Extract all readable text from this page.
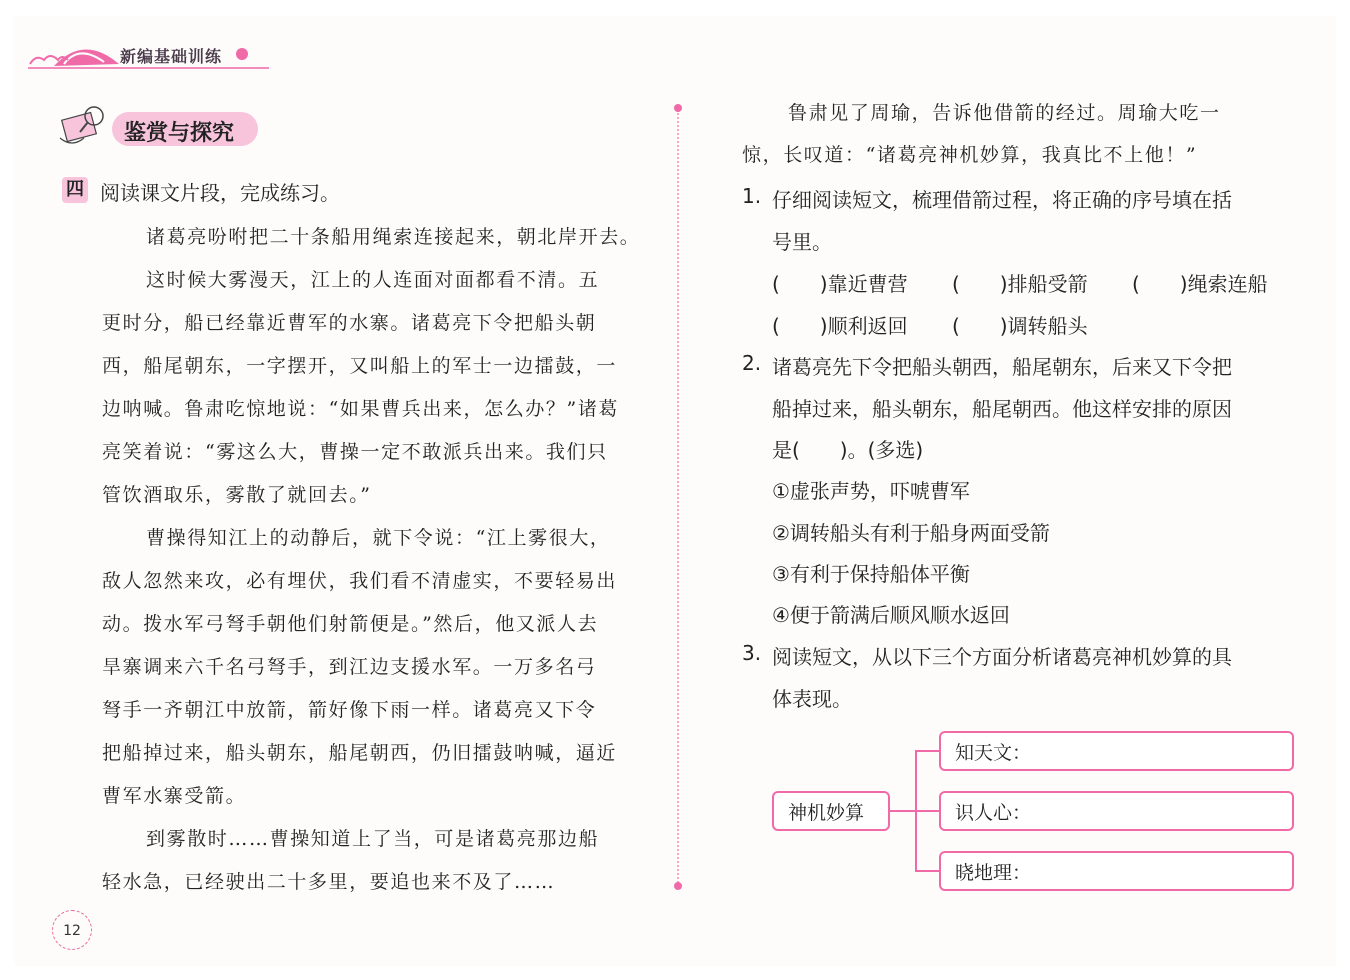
新编基础训练
鉴赏与探究
四 阅读课文片段，完成练习。
诸葛亮吩咐把二十条船用绳索连接起来，朝北岸开去。
这时候大雾漫天，江上的人连面对面都看不清。五
更时分，船已经靠近曹军的水寨。诸葛亮下令把船头朝
西，船尾朝东，一字摆开，又叫船上的军士一边擂鼓，一
边呐喊。鲁肃吃惊地说：“如果曹兵出来，怎么办？”诸葛
亮笑着说：“雾这么大，曹操一定不敢派兵出来。我们只
管饮酒取乐，雾散了就回去。”
曹操得知江上的动静后，就下令说：“江上雾很大，
敌人忽然来攻，必有埋伏，我们看不清虚实，不要轻易出
动。拨水军弓弩手朝他们射箭便是。”然后，他又派人去
旱寨调来六千名弓弩手，到江边支援水军。一万多名弓
弩手一齐朝江中放箭，箭好像下雨一样。诸葛亮又下令
把船掉过来，船头朝东，船尾朝西，仍旧擂鼓呐喊，逼近
曹军水寨受箭。
到雾散时……曹操知道上了当，可是诸葛亮那边船
轻水急，已经驶出二十多里，要追也来不及了……
鲁肃见了周瑜，告诉他借箭的经过。周瑜大吃一
惊，长叹道：“诸葛亮神机妙算，我真比不上他！”
1. 仔细阅读短文，梳理借箭过程，将正确的序号填在括
号里。
(　　)靠近曹营 (　　)排船受箭 (　　)绳索连船
(　　)顺利返回 (　　)调转船头
2. 诸葛亮先下令把船头朝西，船尾朝东，后来又下令把
船掉过来，船头朝东，船尾朝西。他这样安排的原因
是(　　)。(多选)
①虚张声势，吓唬曹军
②调转船头有利于船身两面受箭
③有利于保持船体平衡
④便于箭满后顺风顺水返回
3. 阅读短文，从以下三个方面分析诸葛亮神机妙算的具
体表现。
神机妙算
知天文：
识人心：
晓地理：
12
